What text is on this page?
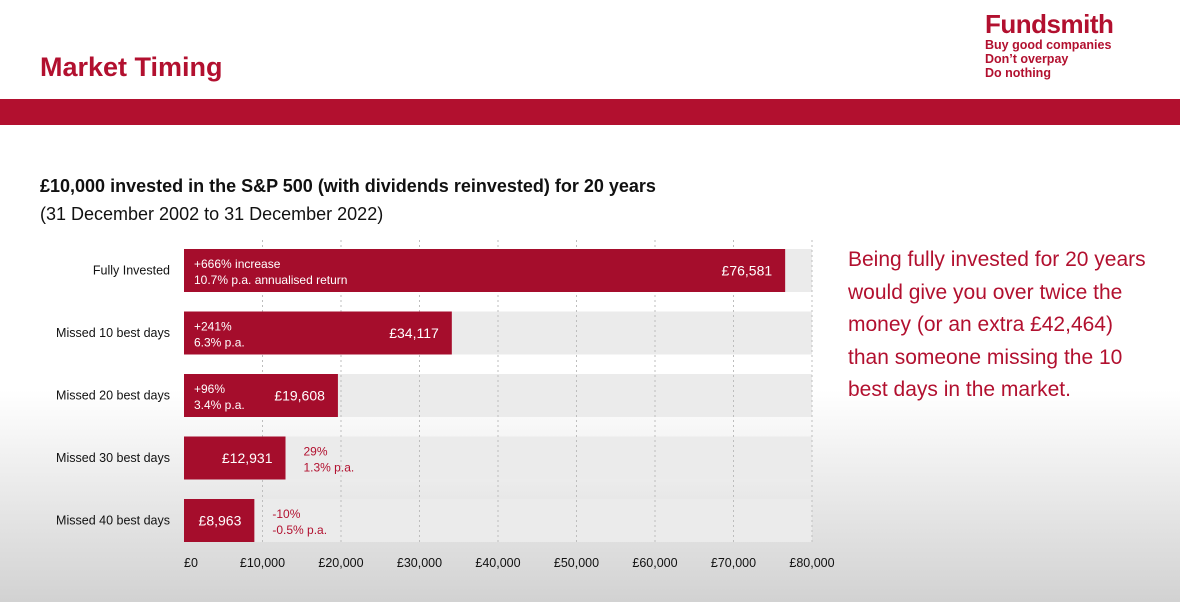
Market Timing
Fundsmith
Buy good companies
Don’t overpay
Do nothing
£10,000 invested in the S&P 500 (with dividends reinvested) for 20 years
(31 December 2002 to 31 December 2022)
Fully Invested	£76,581
+666% increase
10.7% p.a. annualised return
Missed 10 best days	£34,117
+241%
6.3% p.a.
Missed 20 best days	£19,608
+96%
3.4% p.a.
Missed 30 best days	£12,931	29%
1.3% p.a.
Missed 40 best days £8,963	-10%
-0.5% p.a.
£0	£10,000	£20,000	£30,000	£40,000	£50,000	£60,000	£70,000	£80,000
Being fully invested for 20 years would give you over twice the money (or an extra £42,464) than someone missing the 10 best days in the market.
